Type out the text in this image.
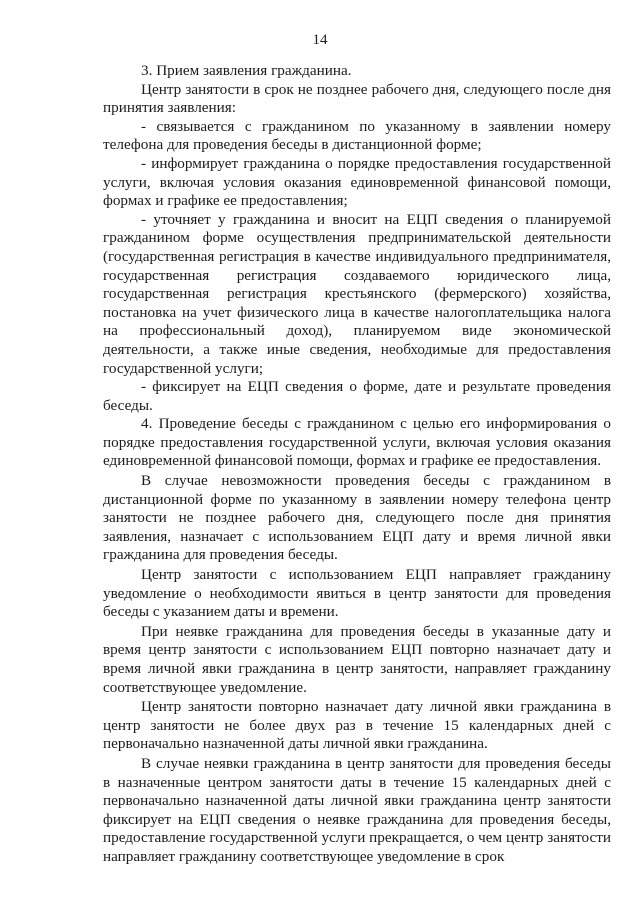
14

3. Прием заявления гражданина.

Центр занятости в срок не позднее рабочего дня, следующего после дня принятия заявления:

- связывается с гражданином по указанному в заявлении номеру телефона для проведения беседы в дистанционной форме;

- информирует гражданина о порядке предоставления государственной услуги, включая условия оказания единовременной финансовой помощи, формах и графике ее предоставления;

- уточняет у гражданина и вносит на ЕЦП сведения о планируемой гражданином форме осуществления предпринимательской деятельности (государственная регистрация в качестве индивидуального предпринимателя, государственная регистрация создаваемого юридического лица, государственная регистрация крестьянского (фермерского) хозяйства, постановка на учет физического лица в качестве налогоплательщика налога на профессиональный доход), планируемом виде экономической деятельности, а также иные сведения, необходимые для предоставления государственной услуги;

- фиксирует на ЕЦП сведения о форме, дате и результате проведения беседы.

4. Проведение беседы с гражданином с целью его информирования о порядке предоставления государственной услуги, включая условия оказания единовременной финансовой помощи, формах и графике ее предоставления.

В случае невозможности проведения беседы с гражданином в дистанционной форме по указанному в заявлении номеру телефона центр занятости не позднее рабочего дня, следующего после дня принятия заявления, назначает с использованием ЕЦП дату и время личной явки гражданина для проведения беседы.

Центр занятости с использованием ЕЦП направляет гражданину уведомление о необходимости явиться в центр занятости для проведения беседы с указанием даты и времени.

При неявке гражданина для проведения беседы в указанные дату и время центр занятости с использованием ЕЦП повторно назначает дату и время личной явки гражданина в центр занятости, направляет гражданину соответствующее уведомление.

Центр занятости повторно назначает дату личной явки гражданина в центр занятости не более двух раз в течение 15 календарных дней с первоначально назначенной даты личной явки гражданина.

В случае неявки гражданина в центр занятости для проведения беседы в назначенные центром занятости даты в течение 15 календарных дней с первоначально назначенной даты личной явки гражданина центр занятости фиксирует на ЕЦП сведения о неявке гражданина для проведения беседы, предоставление государственной услуги прекращается, о чем центр занятости направляет гражданину соответствующее уведомление в срок
